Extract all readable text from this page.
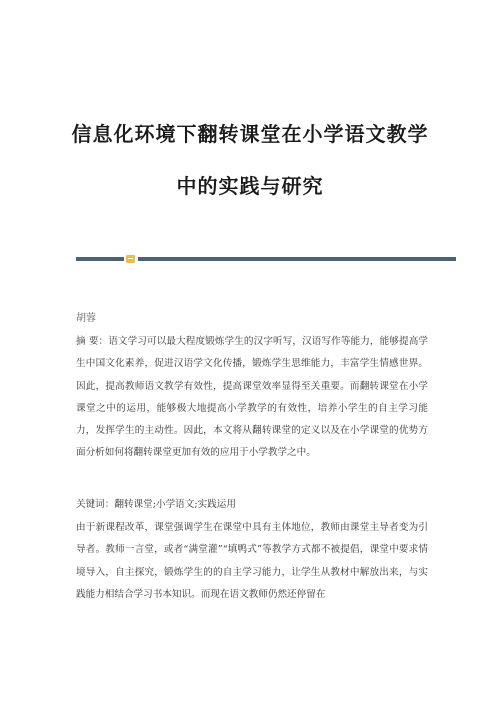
信息化环境下翻转课堂在小学语文教学
中的实践与研究
胡蓉
摘 要：语文学习可以最大程度锻炼学生的汉字听写，汉语写作等能力，能够提高学生中国文化素养，促进汉语学文化传播，锻炼学生思维能力，丰富学生情感世界。因此，提高教师语文教学有效性，提高课堂效率显得至关重要。而翻转课堂在小学课堂之中的运用，能够极大地提高小学教学的有效性，培养小学生的自主学习能力，发挥学生的主动性。因此，本文将从翻转课堂的定义以及在小学课堂的优势方面分析如何将翻转课堂更加有效的应用于小学教学之中。
关键词：翻转课堂;小学语文;实践运用
由于新课程改革，课堂强调学生在课堂中具有主体地位，教师由课堂主导者变为引导者。教师一言堂，或者“满堂灌”“填鸭式”等教学方式都不被提倡，课堂中要求情境导入，自主探究，锻炼学生的的自主学习能力，让学生从教材中解放出来，与实践能力相结合学习书本知识。而现在语文教师仍然还停留在
